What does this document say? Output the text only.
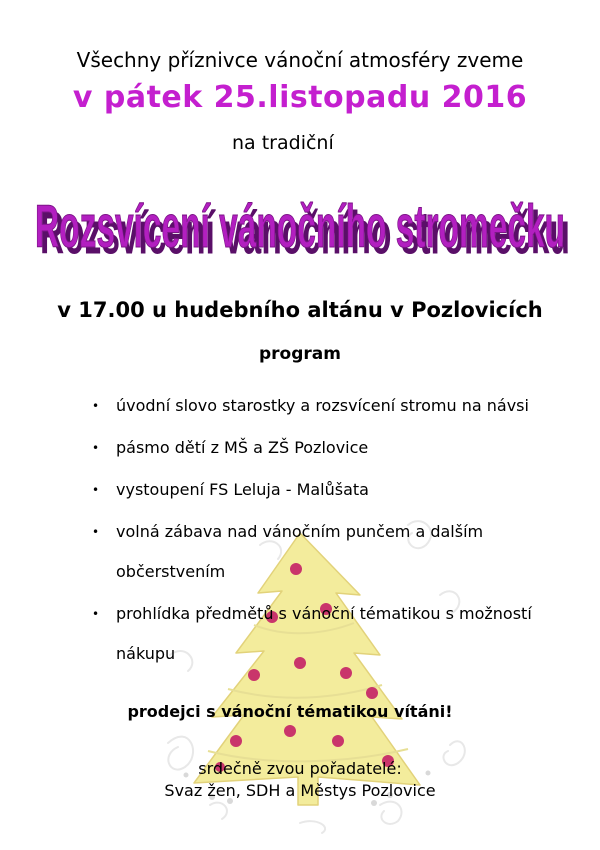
Všechny příznivce vánoční atmosféry zveme

v pátek 25.listopadu 2016

na tradiční

Rozsvícení vánočního stromečku
Rozsvícení vánočního stromečku

v 17.00 u hudebního altánu v Pozlovicích

program

• úvodní slovo starostky a rozsvícení stromu na návsi
• pásmo dětí z MŠ a ZŠ Pozlovice
• vystoupení FS Leluja - Malůšata
• volná zábava nad vánočním punčem a dalším
občerstvením
• prohlídka předmětů s vánoční tématikou s možností
nákupu

prodejci s vánoční tématikou vítáni!

srdečně zvou pořadatelé:
Svaz žen, SDH a Městys Pozlovice
